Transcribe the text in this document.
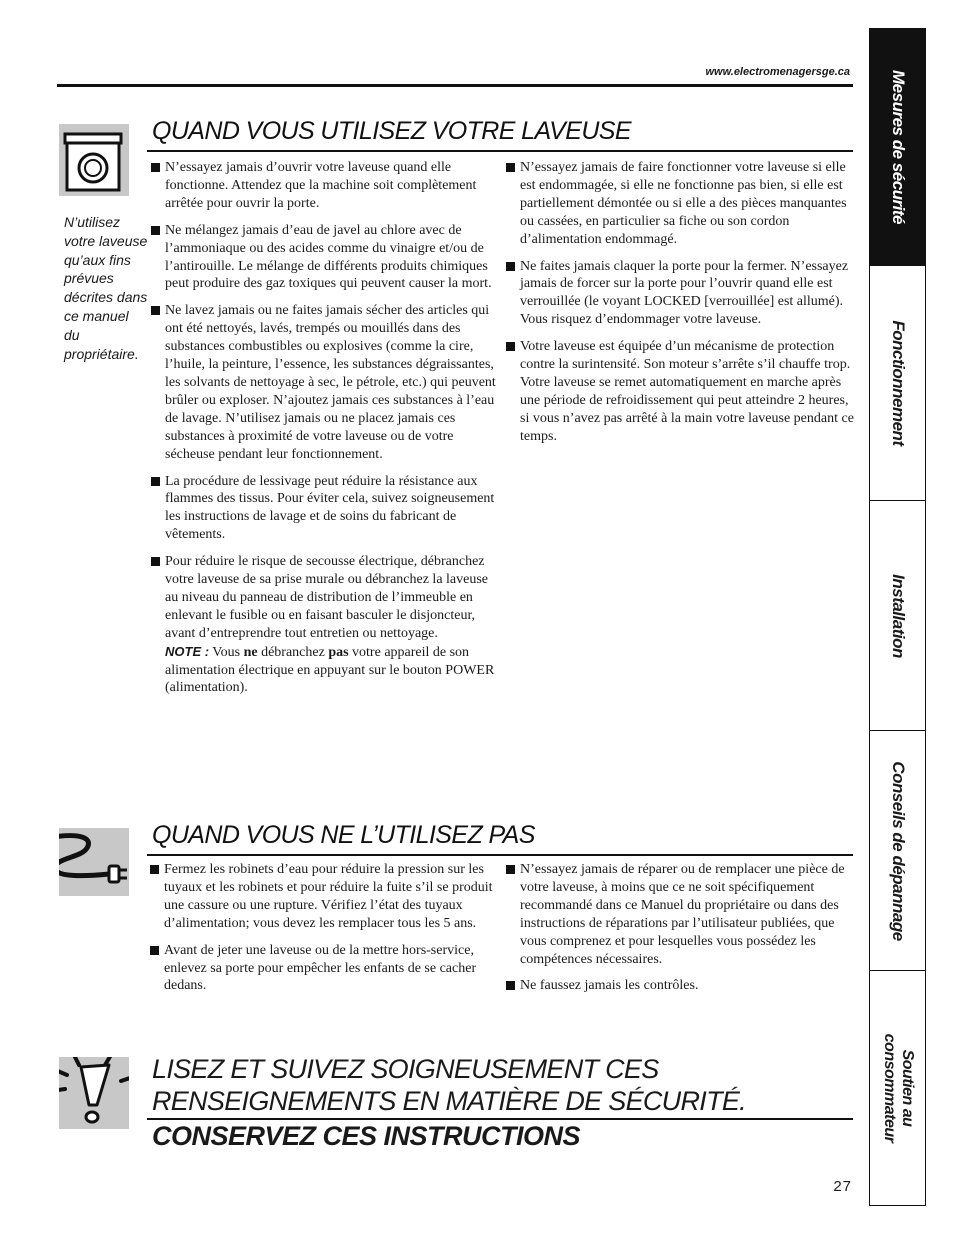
www.electromenagersge.ca
QUAND VOUS UTILISEZ VOTRE LAVEUSE
N’utilisez votre laveuse qu’aux fins prévues décrites dans ce manuel du propriétaire.
N’essayez jamais d’ouvrir votre laveuse quand elle fonctionne. Attendez que la machine soit complètement arrêtée pour ouvrir la porte.
Ne mélangez jamais d’eau de javel au chlore avec de l’ammoniaque ou des acides comme du vinaigre et/ou de l’antirouille. Le mélange de différents produits chimiques peut produire des gaz toxiques qui peuvent causer la mort.
Ne lavez jamais ou ne faites jamais sécher des articles qui ont été nettoyés, lavés, trempés ou mouillés dans des substances combustibles ou explosives (comme la cire, l’huile, la peinture, l’essence, les substances dégraissantes, les solvants de nettoyage à sec, le pétrole, etc.) qui peuvent brûler ou exploser. N’ajoutez jamais ces substances à l’eau de lavage. N’utilisez jamais ou ne placez jamais ces substances à proximité de votre laveuse ou de votre sécheuse pendant leur fonctionnement.
La procédure de lessivage peut réduire la résistance aux flammes des tissus. Pour éviter cela, suivez soigneusement les instructions de lavage et de soins du fabricant de vêtements.
Pour réduire le risque de secousse électrique, débranchez votre laveuse de sa prise murale ou débranchez la laveuse au niveau du panneau de distribution de l’immeuble en enlevant le fusible ou en faisant basculer le disjoncteur, avant d’entreprendre tout entretien ou nettoyage.
NOTE : Vous ne débranchez pas votre appareil de son alimentation électrique en appuyant sur le bouton POWER (alimentation).
N’essayez jamais de faire fonctionner votre laveuse si elle est endommagée, si elle ne fonctionne pas bien, si elle est partiellement démontée ou si elle a des pièces manquantes ou cassées, en particulier sa fiche ou son cordon d’alimentation endommagé.
Ne faites jamais claquer la porte pour la fermer. N’essayez jamais de forcer sur la porte pour l’ouvrir quand elle est verrouillée (le voyant LOCKED [verrouillée] est allumé). Vous risquez d’endommager votre laveuse.
Votre laveuse est équipée d’un mécanisme de protection contre la surintensité. Son moteur s’arrête s’il chauffe trop. Votre laveuse se remet automatiquement en marche après une période de refroidissement qui peut atteindre 2 heures, si vous n’avez pas arrêté à la main votre laveuse pendant ce temps.
QUAND VOUS NE L’UTILISEZ PAS
Fermez les robinets d’eau pour réduire la pression sur les tuyaux et les robinets et pour réduire la fuite s’il se produit une cassure ou une rupture. Vérifiez l’état des tuyaux d’alimentation; vous devez les remplacer tous les 5 ans.
Avant de jeter une laveuse ou de la mettre hors-service, enlevez sa porte pour empêcher les enfants de se cacher dedans.
N’essayez jamais de réparer ou de remplacer une pièce de votre laveuse, à moins que ce ne soit spécifiquement recommandé dans ce Manuel du propriétaire ou dans des instructions de réparations par l’utilisateur publiées, que vous comprenez et pour lesquelles vous possédez les compétences nécessaires.
Ne faussez jamais les contrôles.
LISEZ ET SUIVEZ SOIGNEUSEMENT CES RENSEIGNEMENTS EN MATIÈRE DE SÉCURITÉ.
CONSERVEZ CES INSTRUCTIONS
27
Mesures de sécurité
Fonctionnement
Installation
Conseils de dépannage
Soutien au
consommateur
